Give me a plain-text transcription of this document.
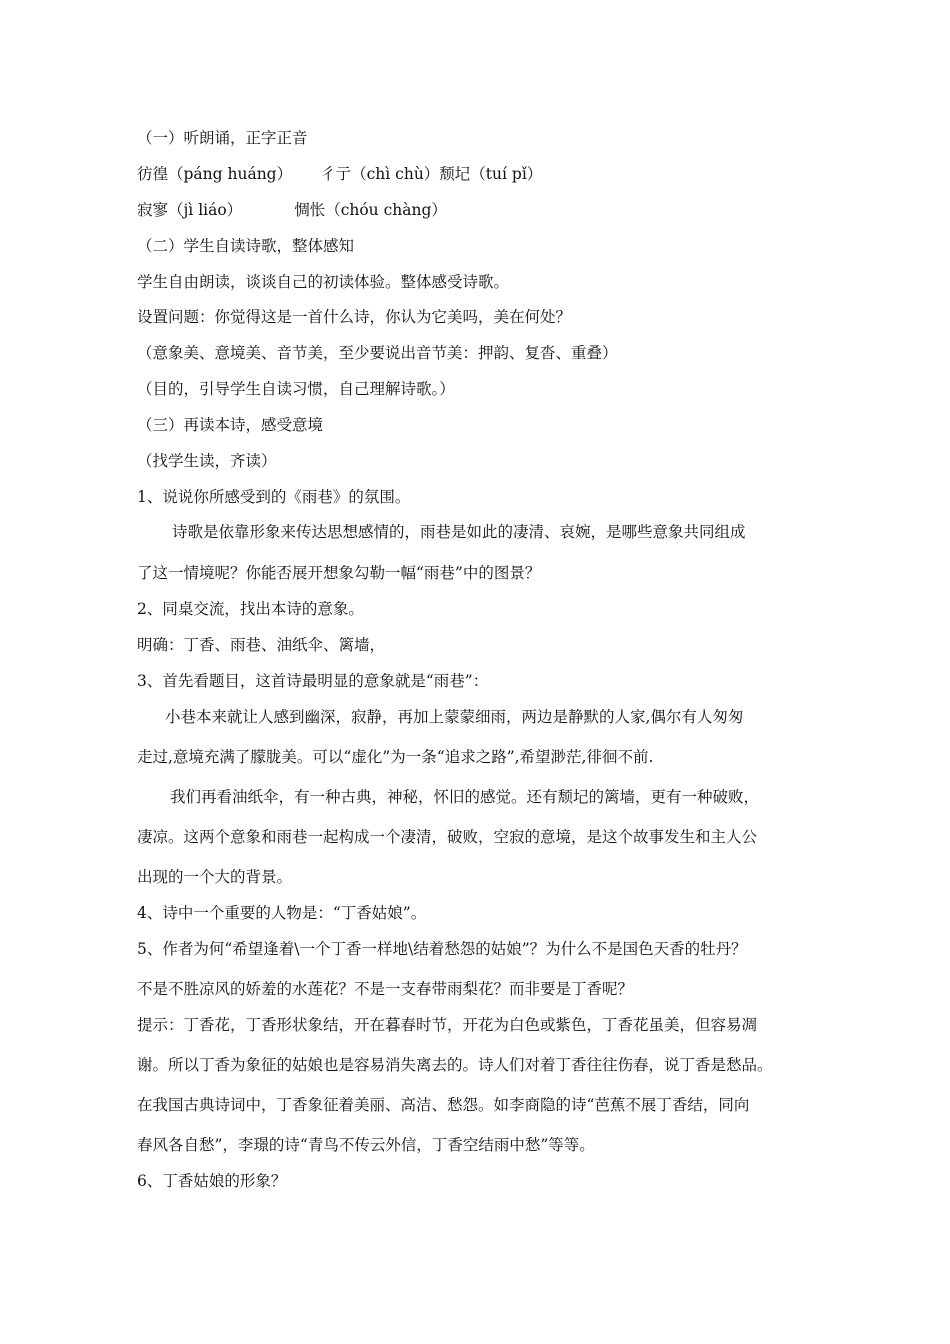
（一）听朗诵，正字正音
彷徨（páng huáng） 彳亍（chì chù）颓圮（tuí pǐ）
寂寥（jì liáo）	惆怅（chóu chàng）
（二）学生自读诗歌，整体感知
学生自由朗读，谈谈自己的初读体验。整体感受诗歌。
设置问题：你觉得这是一首什么诗，你认为它美吗，美在何处？
（意象美、意境美、音节美，至少要说出音节美：押韵、复沓、重叠）
（目的，引导学生自读习惯，自己理解诗歌。）
（三）再读本诗，感受意境
（找学生读，齐读）
1、说说你所感受到的《雨巷》的氛围。
诗歌是依靠形象来传达思想感情的，雨巷是如此的凄清、哀婉，是哪些意象共同组成
了这一情境呢？你能否展开想象勾勒一幅“雨巷”中的图景？
2、同桌交流，找出本诗的意象。
明确：丁香、雨巷、油纸伞、篱墙，
3、首先看题目，这首诗最明显的意象就是“雨巷”：
小巷本来就让人感到幽深，寂静，再加上蒙蒙细雨，两边是静默的人家,偶尔有人匆匆
走过,意境充满了朦胧美。可以“虚化”为一条“追求之路”,希望渺茫,徘徊不前.
我们再看油纸伞，有一种古典，神秘，怀旧的感觉。还有颓圮的篱墙，更有一种破败，
凄凉。这两个意象和雨巷一起构成一个凄清，破败，空寂的意境，是这个故事发生和主人公
出现的一个大的背景。
4、诗中一个重要的人物是：“丁香姑娘”。
5、作者为何“希望逢着\一个丁香一样地\结着愁怨的姑娘”？为什么不是国色天香的牡丹？
不是不胜凉风的娇羞的水莲花？不是一支春带雨梨花？而非要是丁香呢？
提示：丁香花，丁香形状象结，开在暮春时节，开花为白色或紫色，丁香花虽美，但容易凋
谢。所以丁香为象征的姑娘也是容易消失离去的。诗人们对着丁香往往伤春，说丁香是愁品。
在我国古典诗词中，丁香象征着美丽、高洁、愁怨。如李商隐的诗“芭蕉不展丁香结，同向
春风各自愁”，李璟的诗“青鸟不传云外信，丁香空结雨中愁”等等。
6、丁香姑娘的形象？
